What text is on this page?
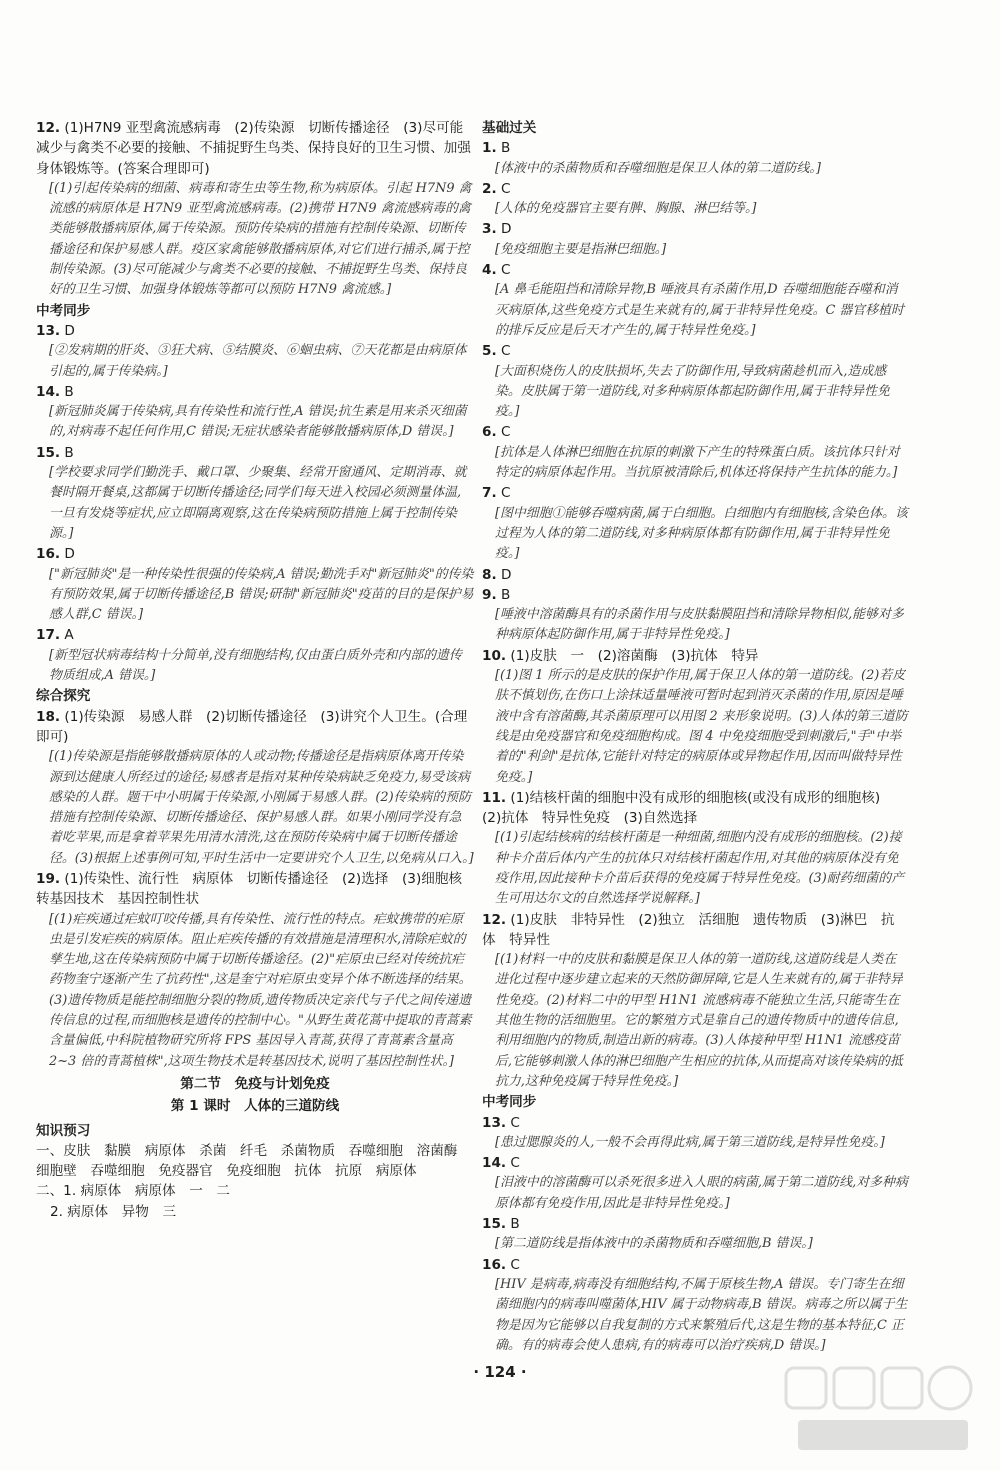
12. (1)H7N9 亚型禽流感病毒　(2)传染源　切断传播途径　(3)尽可能减少与禽类不必要的接触、不捕捉野生鸟类、保持良好的卫生习惯、加强身体锻炼等。(答案合理即可)

[(1)引起传染病的细菌、病毒和寄生虫等生物,称为病原体。引起 H7N9 禽流感的病原体是 H7N9 亚型禽流感病毒。(2)携带 H7N9 禽流感病毒的禽类能够散播病原体,属于传染源。预防传染病的措施有控制传染源、切断传播途径和保护易感人群。疫区家禽能够散播病原体,对它们进行捕杀,属于控制传染源。(3)尽可能减少与禽类不必要的接触、不捕捉野生鸟类、保持良好的卫生习惯、加强身体锻炼等都可以预防 H7N9 禽流感。]

中考同步

13. D

[②发病期的肝炎、③狂犬病、⑤结膜炎、⑥蛔虫病、⑦天花都是由病原体引起的,属于传染病。]

14. B

[新冠肺炎属于传染病,具有传染性和流行性,A 错误;抗生素是用来杀灭细菌的,对病毒不起任何作用,C 错误;无症状感染者能够散播病原体,D 错误。]

15. B

[学校要求同学们勤洗手、戴口罩、少聚集、经常开窗通风、定期消毒、就餐时隔开餐桌,这都属于切断传播途径;同学们每天进入校园必须测量体温,一旦有发烧等症状,应立即隔离观察,这在传染病预防措施上属于控制传染源。]

16. D

["新冠肺炎"是一种传染性很强的传染病,A 错误;勤洗手对"新冠肺炎"的传染有预防效果,属于切断传播途径,B 错误;研制"新冠肺炎"疫苗的目的是保护易感人群,C 错误。]

17. A

[新型冠状病毒结构十分简单,没有细胞结构,仅由蛋白质外壳和内部的遗传物质组成,A 错误。]

综合探究

18. (1)传染源　易感人群　(2)切断传播途径　(3)讲究个人卫生。(合理即可)

[(1)传染源是指能够散播病原体的人或动物;传播途径是指病原体离开传染源到达健康人所经过的途径;易感者是指对某种传染病缺乏免疫力,易受该病感染的人群。题干中小明属于传染源,小刚属于易感人群。(2)传染病的预防措施有控制传染源、切断传播途径、保护易感人群。如果小刚同学没有急着吃苹果,而是拿着苹果先用清水清洗,这在预防传染病中属于切断传播途径。(3)根据上述事例可知,平时生活中一定要讲究个人卫生,以免病从口入。]

19. (1)传染性、流行性　病原体　切断传播途径　(2)选择　(3)细胞核　转基因技术　基因控制性状

[(1)疟疾通过疟蚊叮咬传播,具有传染性、流行性的特点。疟蚊携带的疟原虫是引发疟疾的病原体。阻止疟疾传播的有效措施是清理积水,清除疟蚊的孳生地,这在传染病预防中属于切断传播途径。(2)"疟原虫已经对传统抗疟药物奎宁逐渐产生了抗药性",这是奎宁对疟原虫变异个体不断选择的结果。(3)遗传物质是能控制细胞分裂的物质,遗传物质决定亲代与子代之间传递遗传信息的过程,而细胞核是遗传的控制中心。"从野生黄花蒿中提取的青蒿素含量偏低,中科院植物研究所将 FPS 基因导入青蒿,获得了青蒿素含量高 2~3 倍的青蒿植株",这项生物技术是转基因技术,说明了基因控制性状。]

第二节　免疫与计划免疫

第 1 课时　人体的三道防线

知识预习

一、皮肤　黏膜　病原体　杀菌　纤毛　杀菌物质　吞噬细胞　溶菌酶　细胞壁　吞噬细胞　免疫器官　免疫细胞　抗体　抗原　病原体

二、1. 病原体　病原体　一　二

2. 病原体　异物　三

基础过关

1. B

[体液中的杀菌物质和吞噬细胞是保卫人体的第二道防线。]

2. C

[人体的免疫器官主要有脾、胸腺、淋巴结等。]

3. D

[免疫细胞主要是指淋巴细胞。]

4. C

[A 鼻毛能阻挡和清除异物,B 唾液具有杀菌作用,D 吞噬细胞能吞噬和消灭病原体,这些免疫方式是生来就有的,属于非特异性免疫。C 器官移植时的排斥反应是后天才产生的,属于特异性免疫。]

5. C

[大面积烧伤人的皮肤损坏,失去了防御作用,导致病菌趁机而入,造成感染。皮肤属于第一道防线,对多种病原体都起防御作用,属于非特异性免疫。]

6. C

[抗体是人体淋巴细胞在抗原的刺激下产生的特殊蛋白质。该抗体只针对特定的病原体起作用。当抗原被清除后,机体还将保持产生抗体的能力。]

7. C

[图中细胞①能够吞噬病菌,属于白细胞。白细胞内有细胞核,含染色体。该过程为人体的第二道防线,对多种病原体都有防御作用,属于非特异性免疫。]

8. D

9. B

[唾液中溶菌酶具有的杀菌作用与皮肤黏膜阻挡和清除异物相似,能够对多种病原体起防御作用,属于非特异性免疫。]

10. (1)皮肤　一　(2)溶菌酶　(3)抗体　特异

[(1)图 1 所示的是皮肤的保护作用,属于保卫人体的第一道防线。(2)若皮肤不慎划伤,在伤口上涂抹适量唾液可暂时起到消灭杀菌的作用,原因是唾液中含有溶菌酶,其杀菌原理可以用图 2 来形象说明。(3)人体的第三道防线是由免疫器官和免疫细胞构成。图 4 中免疫细胞受到刺激后,"手"中举着的"利剑"是抗体,它能针对特定的病原体或异物起作用,因而叫做特异性免疫。]

11. (1)结核杆菌的细胞中没有成形的细胞核(或没有成形的细胞核)　(2)抗体　特异性免疫　(3)自然选择

[(1)引起结核病的结核杆菌是一种细菌,细胞内没有成形的细胞核。(2)接种卡介苗后体内产生的抗体只对结核杆菌起作用,对其他的病原体没有免疫作用,因此接种卡介苗后获得的免疫属于特异性免疫。(3)耐药细菌的产生可用达尔文的自然选择学说解释。]

12. (1)皮肤　非特异性　(2)独立　活细胞　遗传物质　(3)淋巴　抗体　特异性

[(1)材料一中的皮肤和黏膜是保卫人体的第一道防线,这道防线是人类在进化过程中逐步建立起来的天然防御屏障,它是人生来就有的,属于非特异性免疫。(2)材料二中的甲型 H1N1 流感病毒不能独立生活,只能寄生在其他生物的活细胞里。它的繁殖方式是靠自己的遗传物质中的遗传信息,利用细胞内的物质,制造出新的病毒。(3)人体接种甲型 H1N1 流感疫苗后,它能够刺激人体的淋巴细胞产生相应的抗体,从而提高对该传染病的抵抗力,这种免疫属于特异性免疫。]

中考同步

13. C

[患过腮腺炎的人,一般不会再得此病,属于第三道防线,是特异性免疫。]

14. C

[泪液中的溶菌酶可以杀死很多进入人眼的病菌,属于第二道防线,对多种病原体都有免疫作用,因此是非特异性免疫。]

15. B

[第二道防线是指体液中的杀菌物质和吞噬细胞,B 错误。]

16. C

[HIV 是病毒,病毒没有细胞结构,不属于原核生物,A 错误。专门寄生在细菌细胞内的病毒叫噬菌体,HIV 属于动物病毒,B 错误。病毒之所以属于生物是因为它能够以自我复制的方式来繁殖后代,这是生物的基本特征,C 正确。有的病毒会使人患病,有的病毒可以治疗疾病,D 错误。]

· 124 ·
